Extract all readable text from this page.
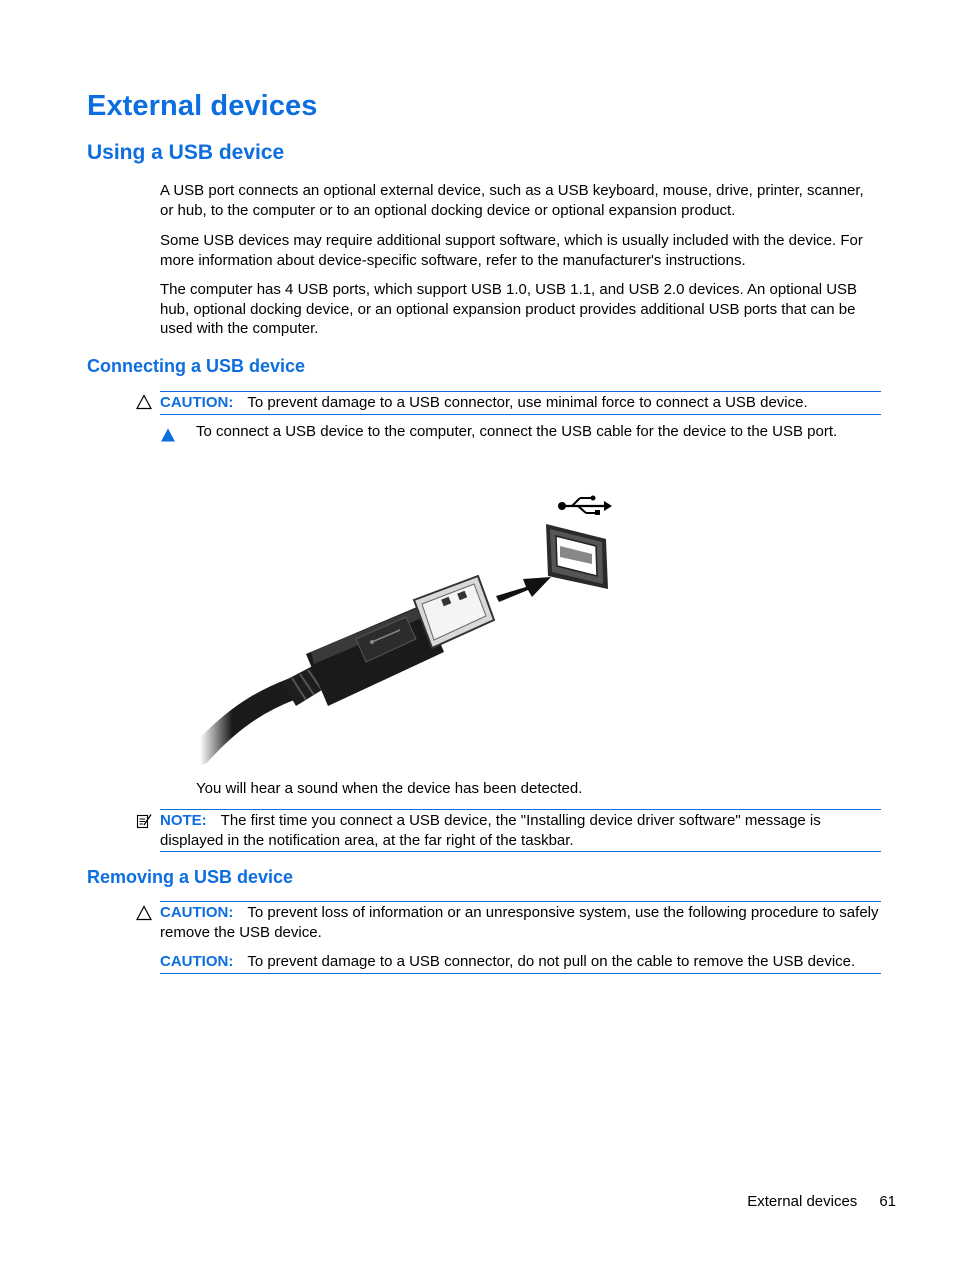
External devices
Using a USB device

A USB port connects an optional external device, such as a USB keyboard, mouse, drive, printer, scanner, or hub, to the computer or to an optional docking device or optional expansion product.

Some USB devices may require additional support software, which is usually included with the device. For more information about device-specific software, refer to the manufacturer's instructions.

The computer has 4 USB ports, which support USB 1.0, USB 1.1, and USB 2.0 devices. An optional USB hub, optional docking device, or an optional expansion product provides additional USB ports that can be used with the computer.

Connecting a USB device
CAUTION: To prevent damage to a USB connector, use minimal force to connect a USB device.

To connect a USB device to the computer, connect the USB cable for the device to the USB port.

You will hear a sound when the device has been detected.

NOTE: The first time you connect a USB device, the "Installing device driver software" message is displayed in the notification area, at the far right of the taskbar.
Removing a USB device
CAUTION: To prevent loss of information or an unresponsive system, use the following procedure to safely remove the USB device.
CAUTION: To prevent damage to a USB connector, do not pull on the cable to remove the USB device.
External devices 61
